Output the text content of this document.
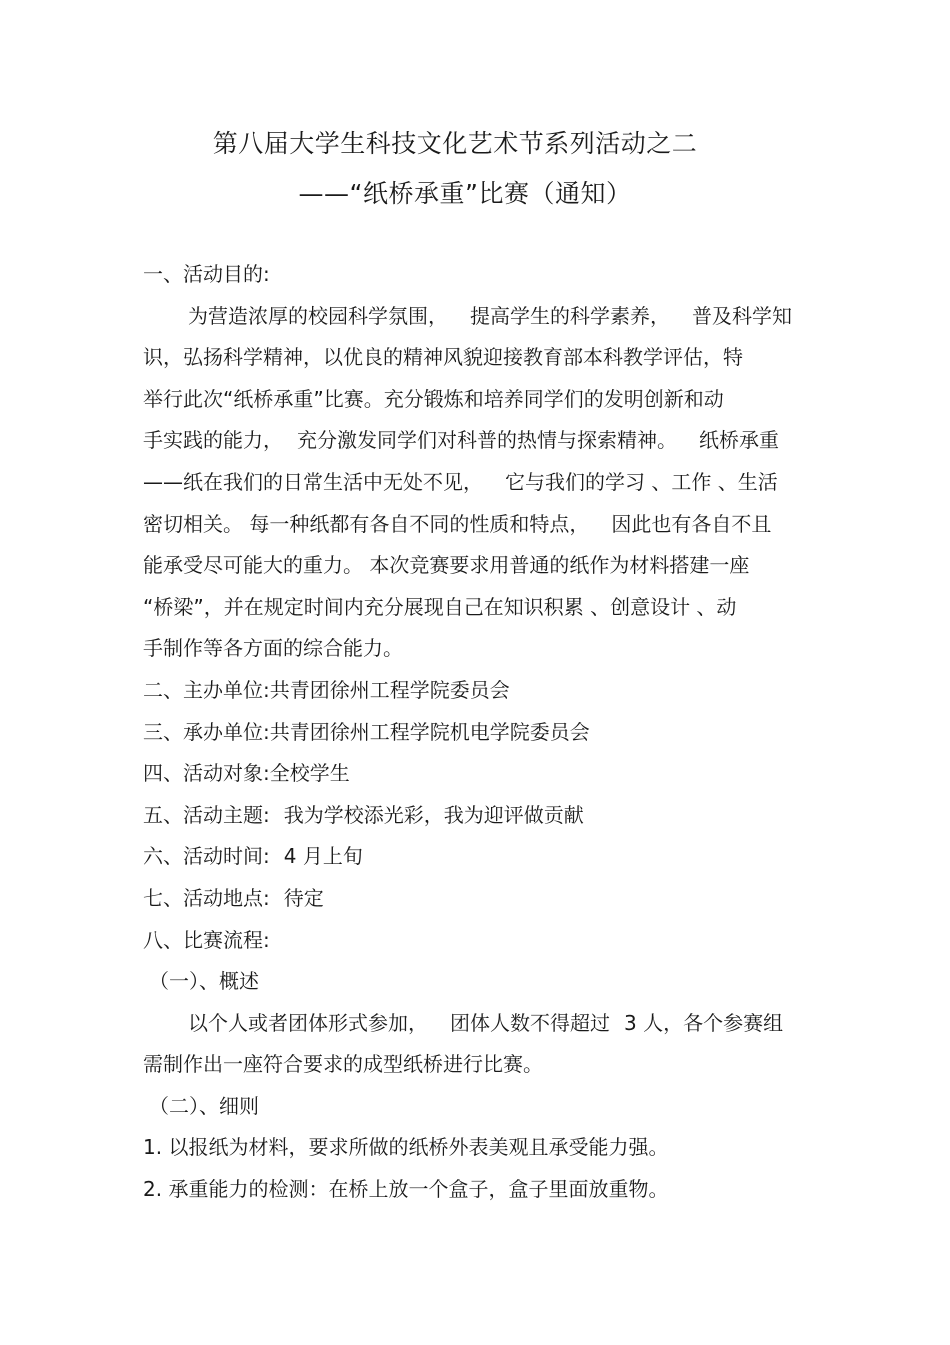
第八届大学生科技文化艺术节系列活动之二
——“纸桥承重”比赛（通知）
一、活动目的:
为营造浓厚的校园科学氛围， 提高学生的科学素养， 普及科学知
识，弘扬科学精神，以优良的精神风貌迎接教育部本科教学评估，特
举行此次“纸桥承重”比赛。充分锻炼和培养同学们的发明创新和动
手实践的能力， 充分激发同学们对科普的热情与探索精神。 纸桥承重
——纸在我们的日常生活中无处不见， 它与我们的学习 、工作 、生活
密切相关。 每一种纸都有各自不同的性质和特点， 因此也有各自不且
能承受尽可能大的重力。 本次竞赛要求用普通的纸作为材料搭建一座
“桥梁”，并在规定时间内充分展现自己在知识积累 、创意设计 、动
手制作等各方面的综合能力。
二、主办单位:共青团徐州工程学院委员会
三、承办单位:共青团徐州工程学院机电学院委员会
四、活动对象:全校学生
五、活动主题: 我为学校添光彩，我为迎评做贡献
六、活动时间: 4 月上旬
七、活动地点: 待定
八、比赛流程:
（一）、概述
以个人或者团体形式参加， 团体人数不得超过 3 人，各个参赛组
需制作出一座符合要求的成型纸桥进行比赛。
（二）、细则
1. 以报纸为材料，要求所做的纸桥外表美观且承受能力强。
2. 承重能力的检测：在桥上放一个盒子，盒子里面放重物。
